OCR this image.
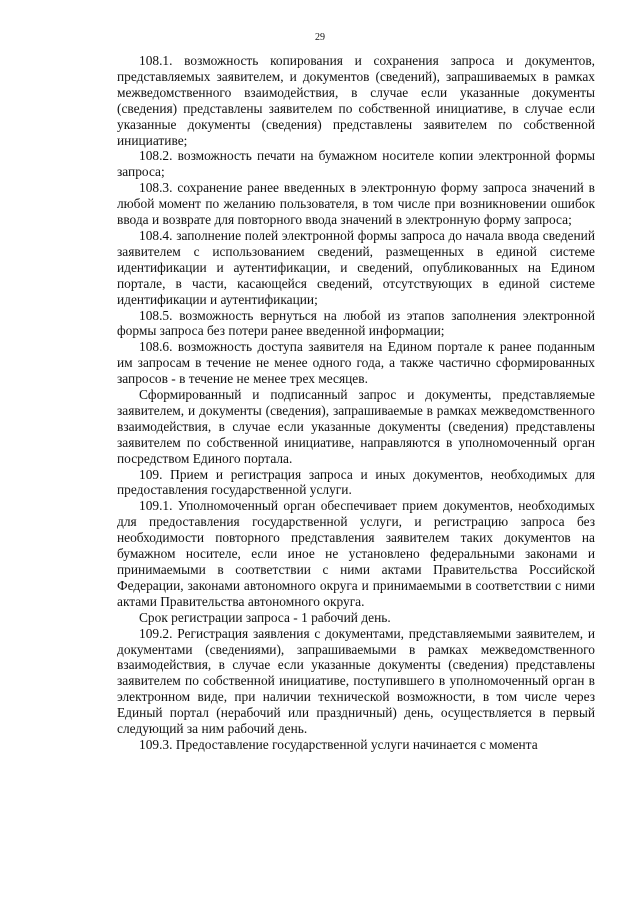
29

108.1. возможность копирования и сохранения запроса и документов, представляемых заявителем, и документов (сведений), запрашиваемых в рамках межведомственного взаимодействия, в случае если указанные документы (сведения) представлены заявителем по собственной инициативе, в случае если указанные документы (сведения) представлены заявителем по собственной инициативе;

108.2. возможность печати на бумажном носителе копии электронной формы запроса;

108.3. сохранение ранее введенных в электронную форму запроса значений в любой момент по желанию пользователя, в том числе при возникновении ошибок ввода и возврате для повторного ввода значений в электронную форму запроса;

108.4. заполнение полей электронной формы запроса до начала ввода сведений заявителем с использованием сведений, размещенных в единой системе идентификации и аутентификации, и сведений, опубликованных на Едином портале, в части, касающейся сведений, отсутствующих в единой системе идентификации и аутентификации;

108.5. возможность вернуться на любой из этапов заполнения электронной формы запроса без потери ранее введенной информации;

108.6. возможность доступа заявителя на Едином портале к ранее поданным им запросам в течение не менее одного года, а также частично сформированных запросов - в течение не менее трех месяцев.

Сформированный и подписанный запрос и документы, представляемые заявителем, и документы (сведения), запрашиваемые в рамках межведомственного взаимодействия, в случае если указанные документы (сведения) представлены заявителем по собственной инициативе, направляются в уполномоченный орган посредством Единого портала.

109. Прием и регистрация запроса и иных документов, необходимых для предоставления государственной услуги.

109.1. Уполномоченный орган обеспечивает прием документов, необходимых для предоставления государственной услуги, и регистрацию запроса без необходимости повторного представления заявителем таких документов на бумажном носителе, если иное не установлено федеральными законами и принимаемыми в соответствии с ними актами Правительства Российской Федерации, законами автономного округа и принимаемыми в соответствии с ними актами Правительства автономного округа.

Срок регистрации запроса - 1 рабочий день.

109.2. Регистрация заявления с документами, представляемыми заявителем, и документами (сведениями), запрашиваемыми в рамках межведомственного взаимодействия, в случае если указанные документы (сведения) представлены заявителем по собственной инициативе, поступившего в уполномоченный орган в электронном виде, при наличии технической возможности, в том числе через Единый портал (нерабочий или праздничный) день, осуществляется в первый следующий за ним рабочий день.

109.3. Предоставление государственной услуги начинается с момента
